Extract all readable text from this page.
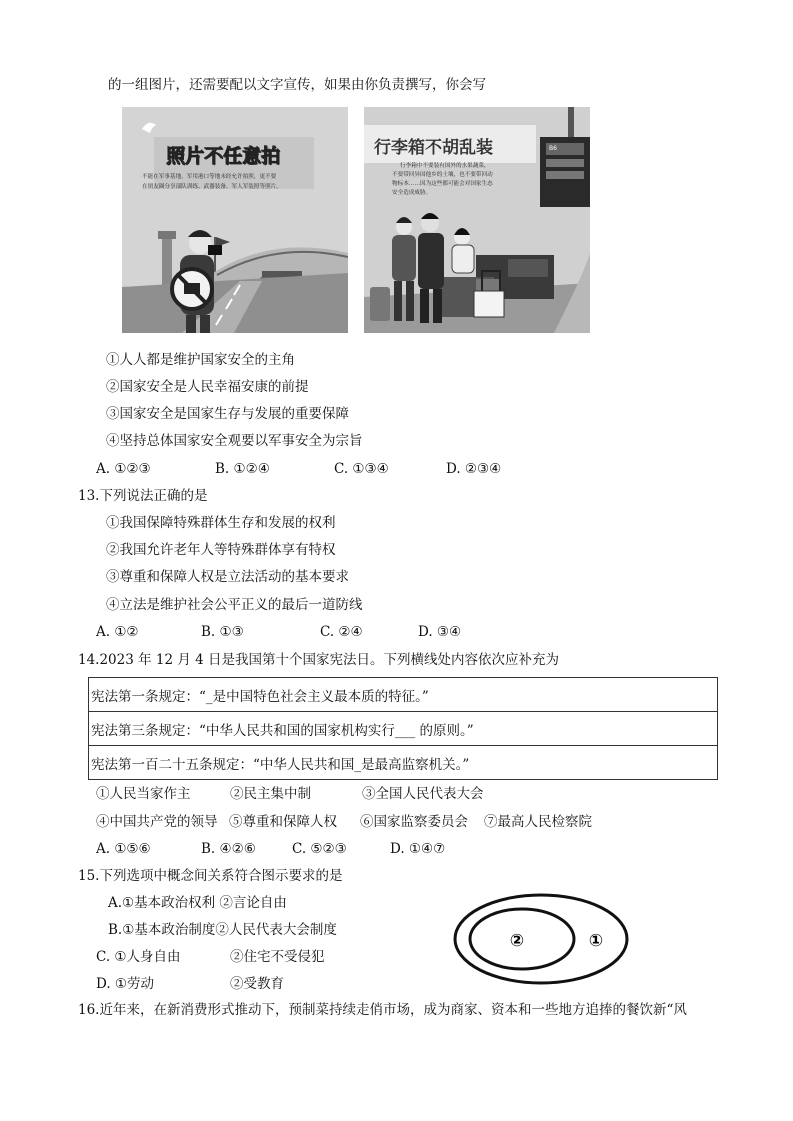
的一组图片，还需要配以文字宣传，如果由你负责撰写，你会写
照片不任意拍
不能在军事基地、军用港口等地未经允许拍照，更不要
在朋友圈分享部队训练、武器装备、军人军装照等照片。
行李箱不胡乱装
行李箱中不要装有国外的水果蔬菜，
不要带回异国他乡的土壤，也不要带回动
物标本……因为这些都可能会对国家生态
安全造成威胁。
B6
①人人都是维护国家安全的主角
②国家安全是人民幸福安康的前提
③国家安全是国家生存与发展的重要保障
④坚持总体国家安全观要以军事安全为宗旨
A. ①②③	B. ①②④	C. ①③④	D. ②③④
13.下列说法正确的是
①我国保障特殊群体生存和发展的权利
②我国允许老年人等特殊群体享有特权
③尊重和保障人权是立法活动的基本要求
④立法是维护社会公平正义的最后一道防线
A. ①②	B. ①③	C. ②④	D. ③④
14.2023 年 12 月 4 日是我国第十个国家宪法日。下列横线处内容依次应补充为
宪法第一条规定：“_是中国特色社会主义最本质的特征。”
宪法第三条规定：“中华人民共和国的国家机构实行___ 的原则。”
宪法第一百二十五条规定：“中华人民共和国_是最高监察机关。”
①人民当家作主	②民主集中制	③全国人民代表大会
④中国共产党的领导 ⑤尊重和保障人权 ⑥国家监察委员会 ⑦最高人民检察院
A. ①⑤⑥	B. ④②⑥	C. ⑤②③	D. ①④⑦
15.下列选项中概念间关系符合图示要求的是
A.①基本政治权利 ②言论自由
B.①基本政治制度②人民代表大会制度
C. ①人身自由	②住宅不受侵犯
D. ①劳动	②受教育
②	①
16.近年来，在新消费形式推动下，预制菜持续走俏市场，成为商家、资本和一些地方追捧的餐饮新“风
